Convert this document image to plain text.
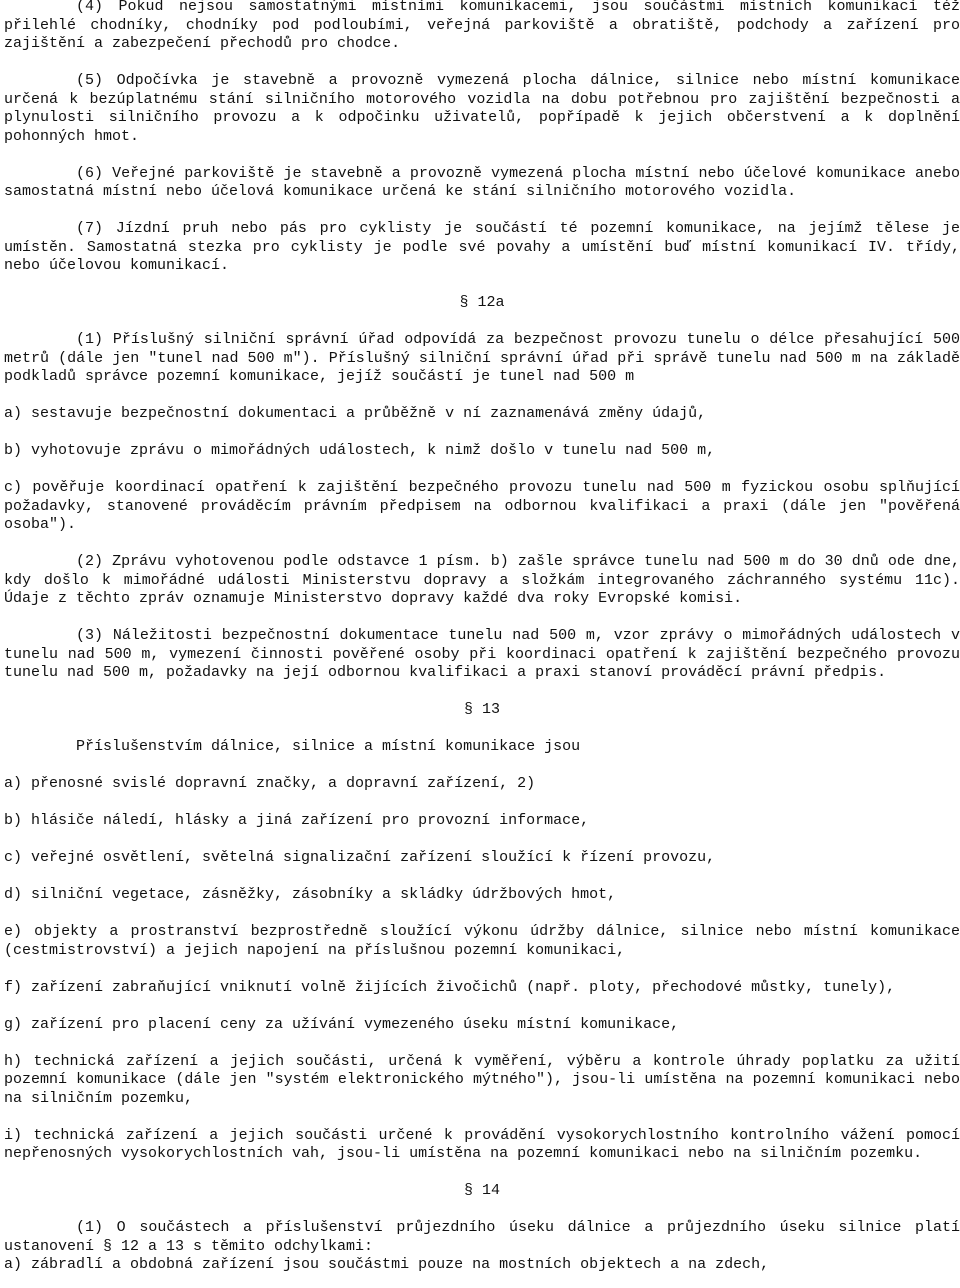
(4) Pokud nejsou samostatnými místními komunikacemi, jsou součástmi místních komunikací též přilehlé chodníky, chodníky pod podloubími, veřejná parkoviště a obratiště, podchody a zařízení pro zajištění a zabezpečení přechodů pro chodce.

(5) Odpočívka je stavebně a provozně vymezená plocha dálnice, silnice nebo místní komunikace určená k bezúplatnému stání silničního motorového vozidla na dobu potřebnou pro zajištění bezpečnosti a plynulosti silničního provozu a k odpočinku uživatelů, popřípadě k jejich občerstvení a k doplnění pohonných hmot.

(6) Veřejné parkoviště je stavebně a provozně vymezená plocha místní nebo účelové komunikace anebo samostatná místní nebo účelová komunikace určená ke stání silničního motorového vozidla.

(7) Jízdní pruh nebo pás pro cyklisty je součástí té pozemní komunikace, na jejímž tělese je umístěn. Samostatná stezka pro cyklisty je podle své povahy a umístění buď místní komunikací IV. třídy, nebo účelovou komunikací.

§ 12a

(1) Příslušný silniční správní úřad odpovídá za bezpečnost provozu tunelu o délce přesahující 500 metrů (dále jen "tunel nad 500 m"). Příslušný silniční správní úřad při správě tunelu nad 500 m na základě podkladů správce pozemní komunikace, jejíž součástí je tunel nad 500 m

a) sestavuje bezpečnostní dokumentaci a průběžně v ní zaznamenává změny údajů,

b) vyhotovuje zprávu o mimořádných událostech, k nimž došlo v tunelu nad 500 m,

c) pověřuje koordinací opatření k zajištění bezpečného provozu tunelu nad 500 m fyzickou osobu splňující požadavky, stanovené prováděcím právním předpisem na odbornou kvalifikaci a praxi (dále jen "pověřená osoba").

(2) Zprávu vyhotovenou podle odstavce 1 písm. b) zašle správce tunelu nad 500 m do 30 dnů ode dne, kdy došlo k mimořádné události Ministerstvu dopravy a složkám integrovaného záchranného systému 11c). Údaje z těchto zpráv oznamuje Ministerstvo dopravy každé dva roky Evropské komisi.

(3) Náležitosti bezpečnostní dokumentace tunelu nad 500 m, vzor zprávy o mimořádných událostech v tunelu nad 500 m, vymezení činnosti pověřené osoby při koordinaci opatření k zajištění bezpečného provozu tunelu nad 500 m, požadavky na její odbornou kvalifikaci a praxi stanoví prováděcí právní předpis.

§ 13

Příslušenstvím dálnice, silnice a místní komunikace jsou

a) přenosné svislé dopravní značky, a dopravní zařízení, 2)

b) hlásiče náledí, hlásky a jiná zařízení pro provozní informace,

c) veřejné osvětlení, světelná signalizační zařízení sloužící k řízení provozu,

d) silniční vegetace, zásněžky, zásobníky a skládky údržbových hmot,

e) objekty a prostranství bezprostředně sloužící výkonu údržby dálnice, silnice nebo místní komunikace (cestmistrovství) a jejich napojení na příslušnou pozemní komunikaci,

f) zařízení zabraňující vniknutí volně žijících živočichů (např. ploty, přechodové můstky, tunely),

g) zařízení pro placení ceny za užívání vymezeného úseku místní komunikace,

h) technická zařízení a jejich součásti, určená k vyměření, výběru a kontrole úhrady poplatku za užití pozemní komunikace (dále jen "systém elektronického mýtného"), jsou-li umístěna na pozemní komunikaci nebo na silničním pozemku,

i) technická zařízení a jejich součásti určené k provádění vysokorychlostního kontrolního vážení pomocí nepřenosných vysokorychlostních vah, jsou-li umístěna na pozemní komunikaci nebo na silničním pozemku.

§ 14

(1) O součástech a příslušenství průjezdního úseku dálnice a průjezdního úseku silnice platí ustanovení § 12 a 13 s těmito odchylkami:

a) zábradlí a obdobná zařízení jsou součástmi pouze na mostních objektech a na zdech,
